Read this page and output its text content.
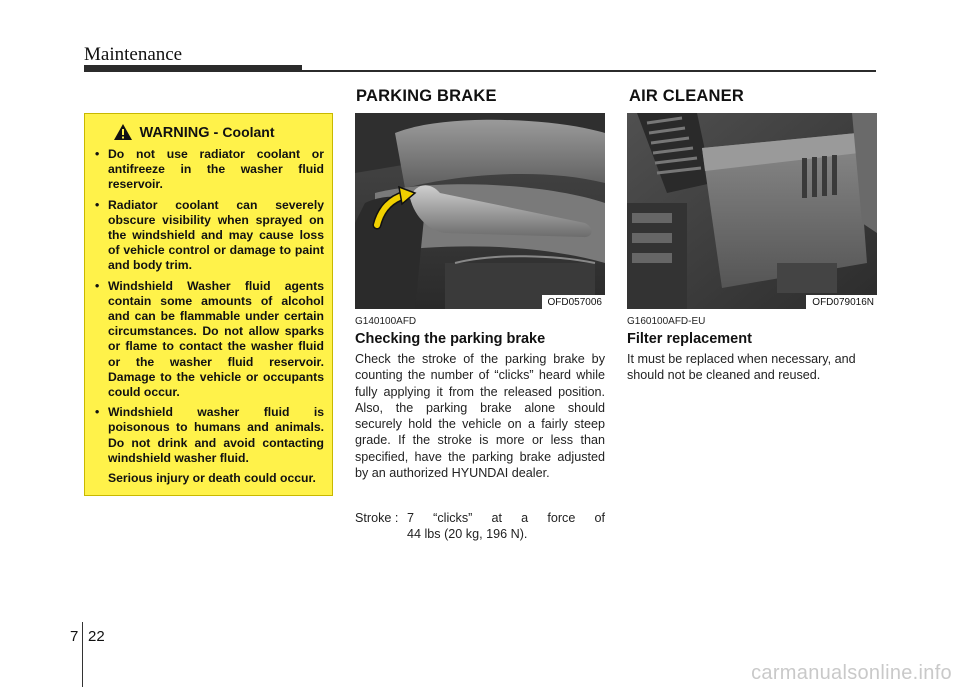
Maintenance
PARKING BRAKE	AIR CLEANER
WARNING - Coolant
• Do not use radiator coolant or antifreeze in the washer fluid reservoir.
• Radiator coolant can severely obscure visibility when sprayed on the windshield and may cause loss of vehicle control or damage to paint and body trim.
• Windshield Washer fluid agents contain some amounts of alcohol and can be flammable under certain circumstances. Do not allow sparks or flame to contact the washer fluid or the washer fluid reservoir. Damage to the vehicle or occupants could occur.
• Windshield washer fluid is poisonous to humans and animals. Do not drink and avoid contacting windshield washer fluid.
Serious injury or death could occur.
OFD057006	OFD079016N
G140100AFD
Checking the parking brake
Check the stroke of the parking brake by counting the number of “clicks” heard while fully applying it from the released position. Also, the parking brake alone should securely hold the vehicle on a fairly steep grade. If the stroke is more or less than specified, have the parking brake adjusted by an authorized HYUNDAI dealer.
Stroke : 7 “clicks” at a force of
44 lbs (20 kg, 196 N).
G160100AFD-EU
Filter replacement
It must be replaced when necessary, and should not be cleaned and reused.
7 22
carmanualsonline.info
